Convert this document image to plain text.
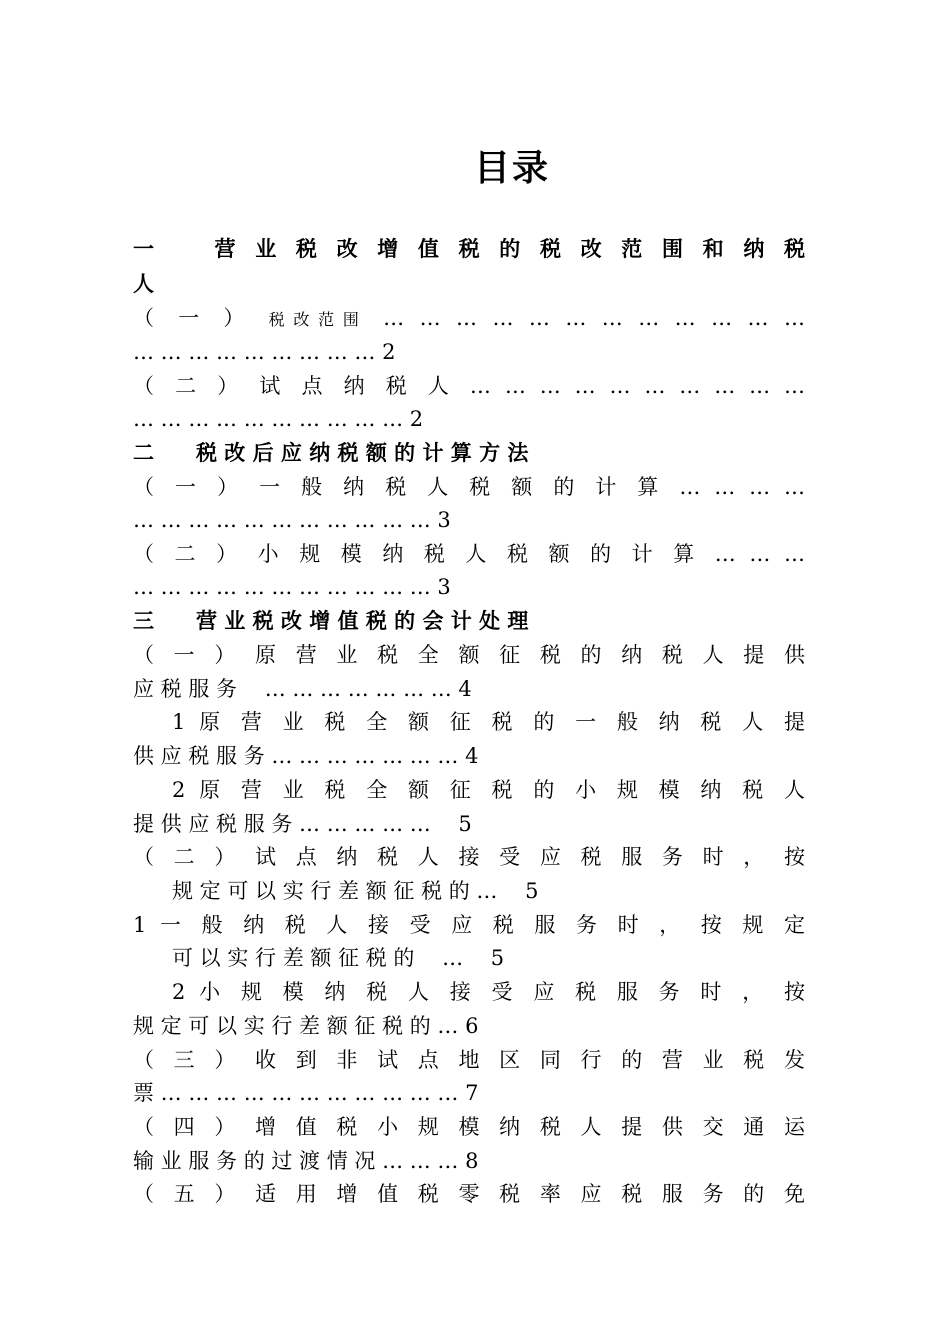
目录
一　　营 业 税 改 增 值 税 的 税 改 范 围 和 纳 税
人
（ 一 ） 税改范围 … … … … … … … … … … … …
… … … … … … … … … 2
（ 二 ） 试 点 纳 税 人 … … … … … … … … … …
… … … … … … … … … … 2
二　　税 改 后 应 纳 税 额 的 计 算 方 法
（ 一 ） 一 般 纳 税 人 税 额 的 计 算 … … … …
… … … … … … … … … … … 3
（ 二 ） 小 规 模 纳 税 人 税 额 的 计 算 … … …
… … … … … … … … … … … 3
三　　营 业 税 改 增 值 税 的 会 计 处 理
（ 一 ） 原 营 业 税 全 额 征 税 的 纳 税 人 提 供
应 税 服 务 　… … … … … … … 4
1 原 营 业 税 全 额 征 税 的 一 般 纳 税 人 提
供 应 税 服 务 … … … … … … … 4
2 原 营 业 税 全 额 征 税 的 小 规 模 纳 税 人
提 供 应 税 服 务 … … … … … 　5
（ 二 ） 试 点 纳 税 人 接 受 应 税 服 务 时 ， 按
规 定 可 以 实 行 差 额 征 税 的 … 　5
1 一 般 纳 税 人 接 受 应 税 服 务 时 ， 按 规 定
可 以 实 行 差 额 征 税 的 　… 　5
2 小 规 模 纳 税 人 接 受 应 税 服 务 时 ， 按
规 定 可 以 实 行 差 额 征 税 的 … 6
（ 三 ） 收 到 非 试 点 地 区 同 行 的 营 业 税 发
票 … … … … … … … … … … … 7
（ 四 ） 增 值 税 小 规 模 纳 税 人 提 供 交 通 运
输 业 服 务 的 过 渡 情 况 … … … 8
（ 五 ） 适 用 增 值 税 零 税 率 应 税 服 务 的 免
